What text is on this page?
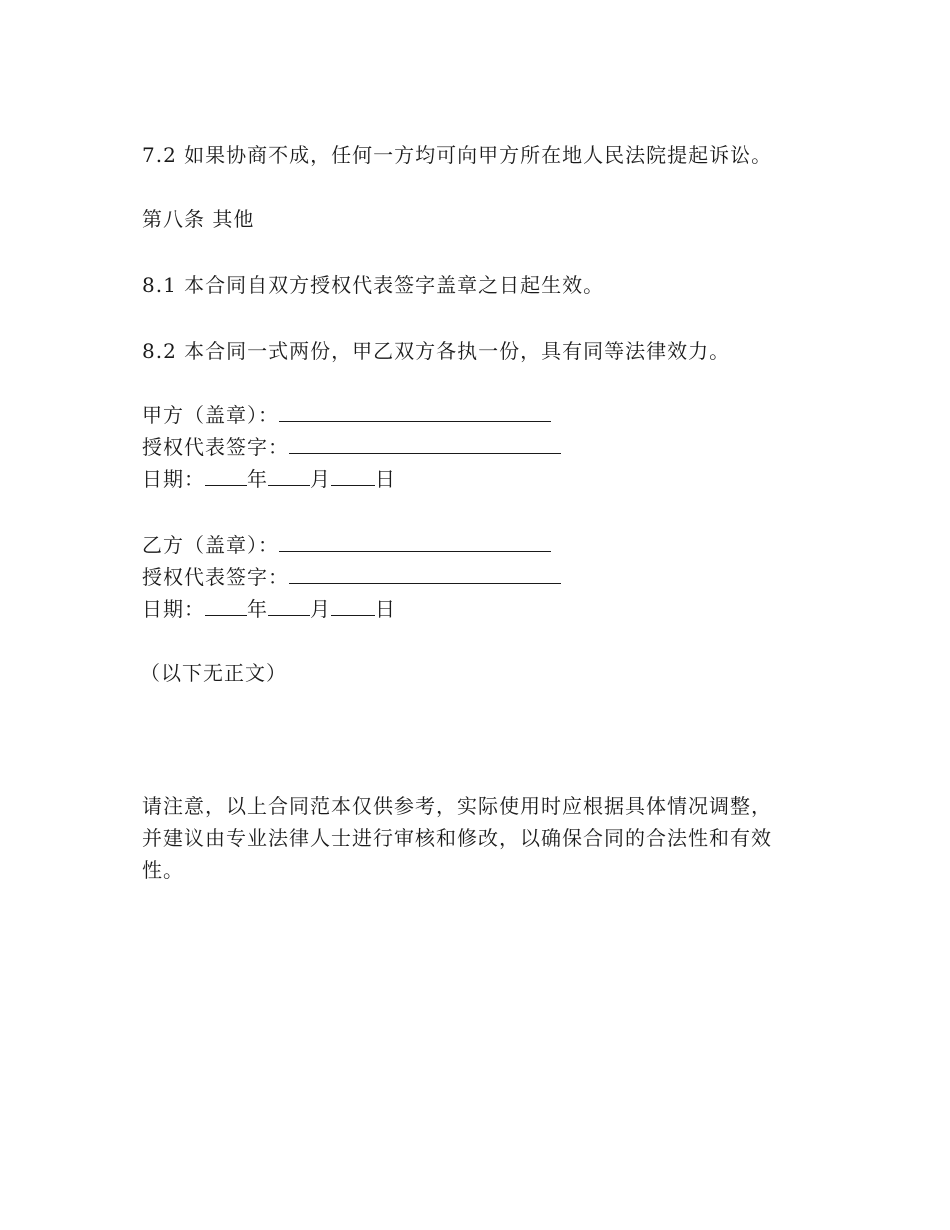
7.2 如果协商不成，任何一方均可向甲方所在地人民法院提起诉讼。
第八条 其他
8.1 本合同自双方授权代表签字盖章之日起生效。
8.2 本合同一式两份，甲乙双方各执一份，具有同等法律效力。
甲方（盖章）：
授权代表签字：
日期： 年 月 日
乙方（盖章）：
授权代表签字：
日期： 年 月 日
（以下无正文）
请注意，以上合同范本仅供参考，实际使用时应根据具体情况调整，
并建议由专业法律人士进行审核和修改，以确保合同的合法性和有效
性。
